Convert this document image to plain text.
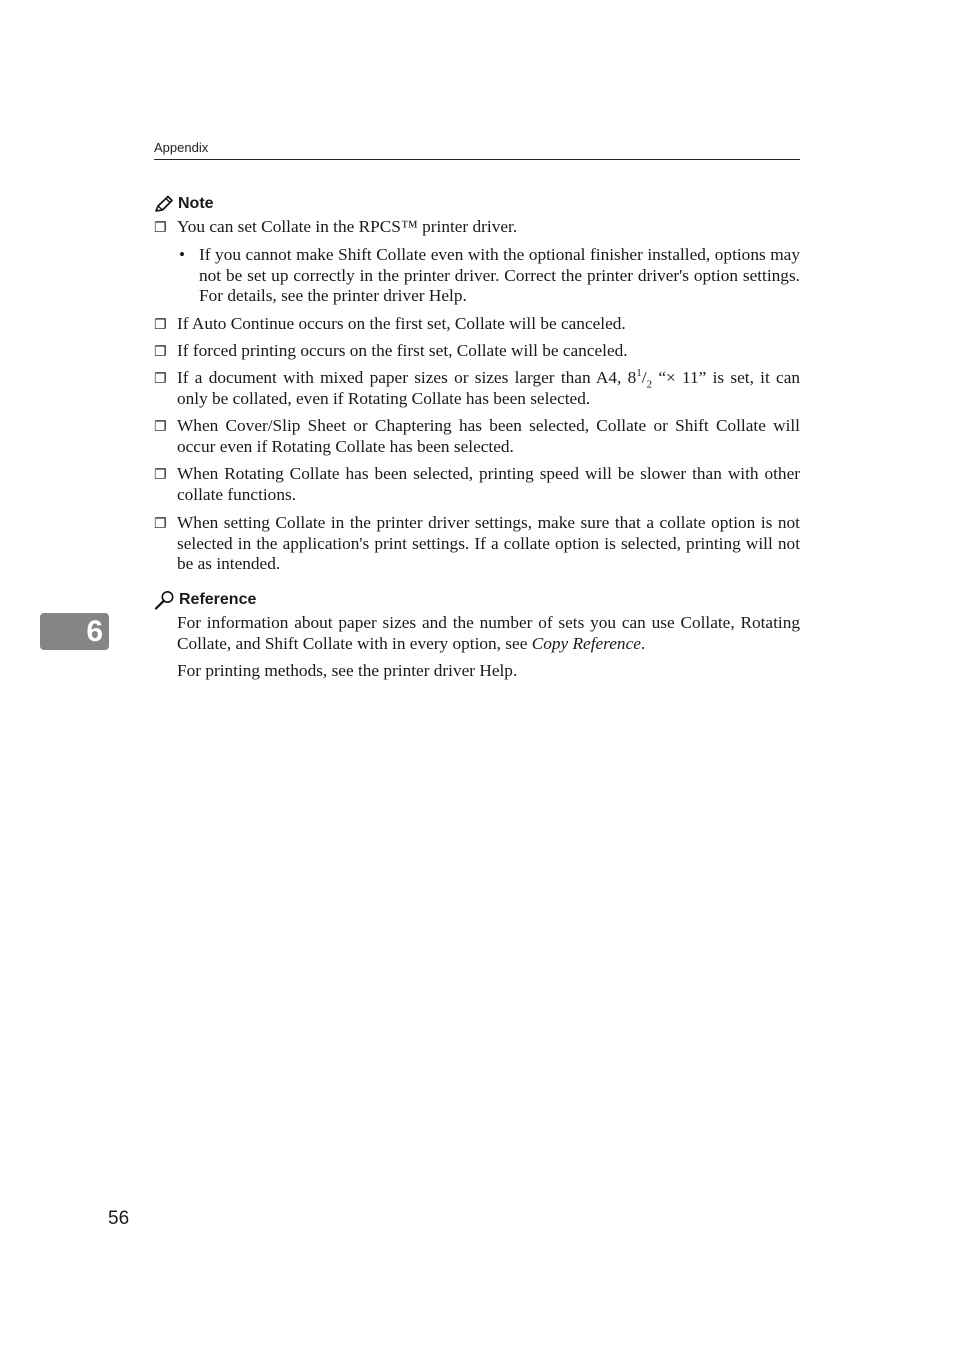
Appendix
Note
❐ You can set Collate in the RPCS™ printer driver.
• If you cannot make Shift Collate even with the optional finisher installed, options may not be set up correctly in the printer driver. Correct the printer driver's option settings. For details, see the printer driver Help.
❐ If Auto Continue occurs on the first set, Collate will be canceled.
❐ If forced printing occurs on the first set, Collate will be canceled.
❐ If a document with mixed paper sizes or sizes larger than A4, $8^1/_2$ “× 11” is set, it can only be collated, even if Rotating Collate has been selected.
❐ When Cover/Slip Sheet or Chaptering has been selected, Collate or Shift Collate will occur even if Rotating Collate has been selected.
❐ When Rotating Collate has been selected, printing speed will be slower than with other collate functions.
❐ When setting Collate in the printer driver settings, make sure that a collate option is not selected in the application's print settings. If a collate option is selected, printing will not be as intended.
Reference
For information about paper sizes and the number of sets you can use Collate, Rotating Collate, and Shift Collate with in every option, see Copy Reference.
For printing methods, see the printer driver Help.
6
56
